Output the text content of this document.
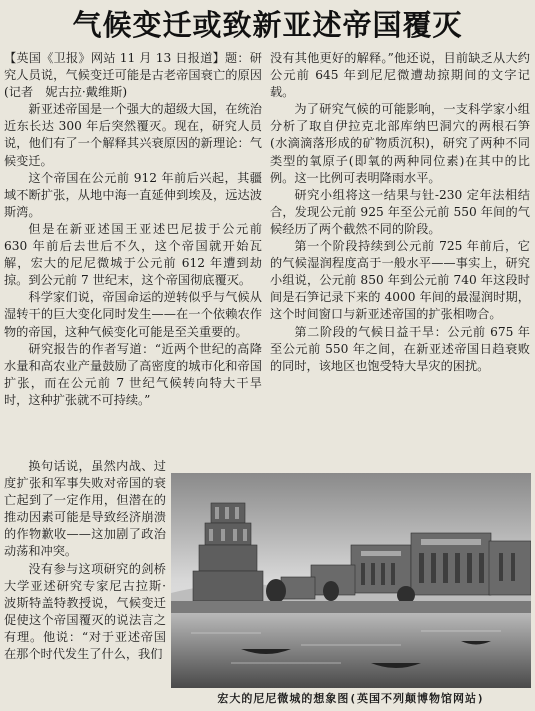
气候变迁或致新亚述帝国覆灭

【英国《卫报》网站 11 月 13 日报道】题：研究人员说，气候变迁可能是古老帝国衰亡的原因(记者　妮古拉·戴维斯)

新亚述帝国是一个强大的超级大国，在统治近东长达 300 年后突然覆灭。现在，研究人员说，他们有了一个解释其兴衰原因的新理论：气候变迁。

这个帝国在公元前 912 年前后兴起，其疆域不断扩张，从地中海一直延伸到埃及，远达波斯湾。

但是在新亚述国王亚述巴尼拔于公元前 630 年前后去世后不久，这个帝国就开始瓦解，宏大的尼尼微城于公元前 612 年遭到劫掠。到公元前 7 世纪末，这个帝国彻底覆灭。

科学家们说，帝国命运的逆转似乎与气候从湿转干的巨大变化同时发生——在一个依赖农作物的帝国，这种气候变化可能是至关重要的。

研究报告的作者写道：“近两个世纪的高降水量和高农业产量鼓励了高密度的城市化和帝国扩张，而在公元前 7 世纪气候转向特大干旱时，这种扩张就不可持续。”

换句话说，虽然内战、过度扩张和军事失败对帝国的衰亡起到了一定作用，但潜在的推动因素可能是导致经济崩溃的作物歉收——这加剧了政治动荡和冲突。

没有参与这项研究的剑桥大学亚述研究专家尼古拉斯·波斯特盖特教授说，气候变迁促使这个帝国覆灭的说法言之有理。他说：“对于亚述帝国在那个时代发生了什么，我们

没有其他更好的解释。”他还说，目前缺乏从大约公元前 645 年到尼尼微遭劫掠期间的文字记载。

为了研究气候的可能影响，一支科学家小组分析了取自伊拉克北部库纳巴洞穴的两根石笋(水滴滴落形成的矿物质沉积)，研究了两种不同类型的氧原子(即氧的两种同位素)在其中的比例。这一比例可表明降雨水平。

研究小组将这一结果与钍-230 定年法相结合，发现公元前 925 年至公元前 550 年间的气候经历了两个截然不同的阶段。

第一个阶段持续到公元前 725 年前后，它的气候湿润程度高于一般水平——事实上，研究小组说，公元前 850 年到公元前 740 年这段时间是石笋记录下来的 4000 年间的最湿润时期，这个时间窗口与新亚述帝国的扩张相吻合。

第二阶段的气候日益干旱：公元前 675 年至公元前 550 年之间，在新亚述帝国日趋衰败的同时，该地区也饱受特大旱灾的困扰。

宏大的尼尼微城的想象图(英国不列颠博物馆网站)
